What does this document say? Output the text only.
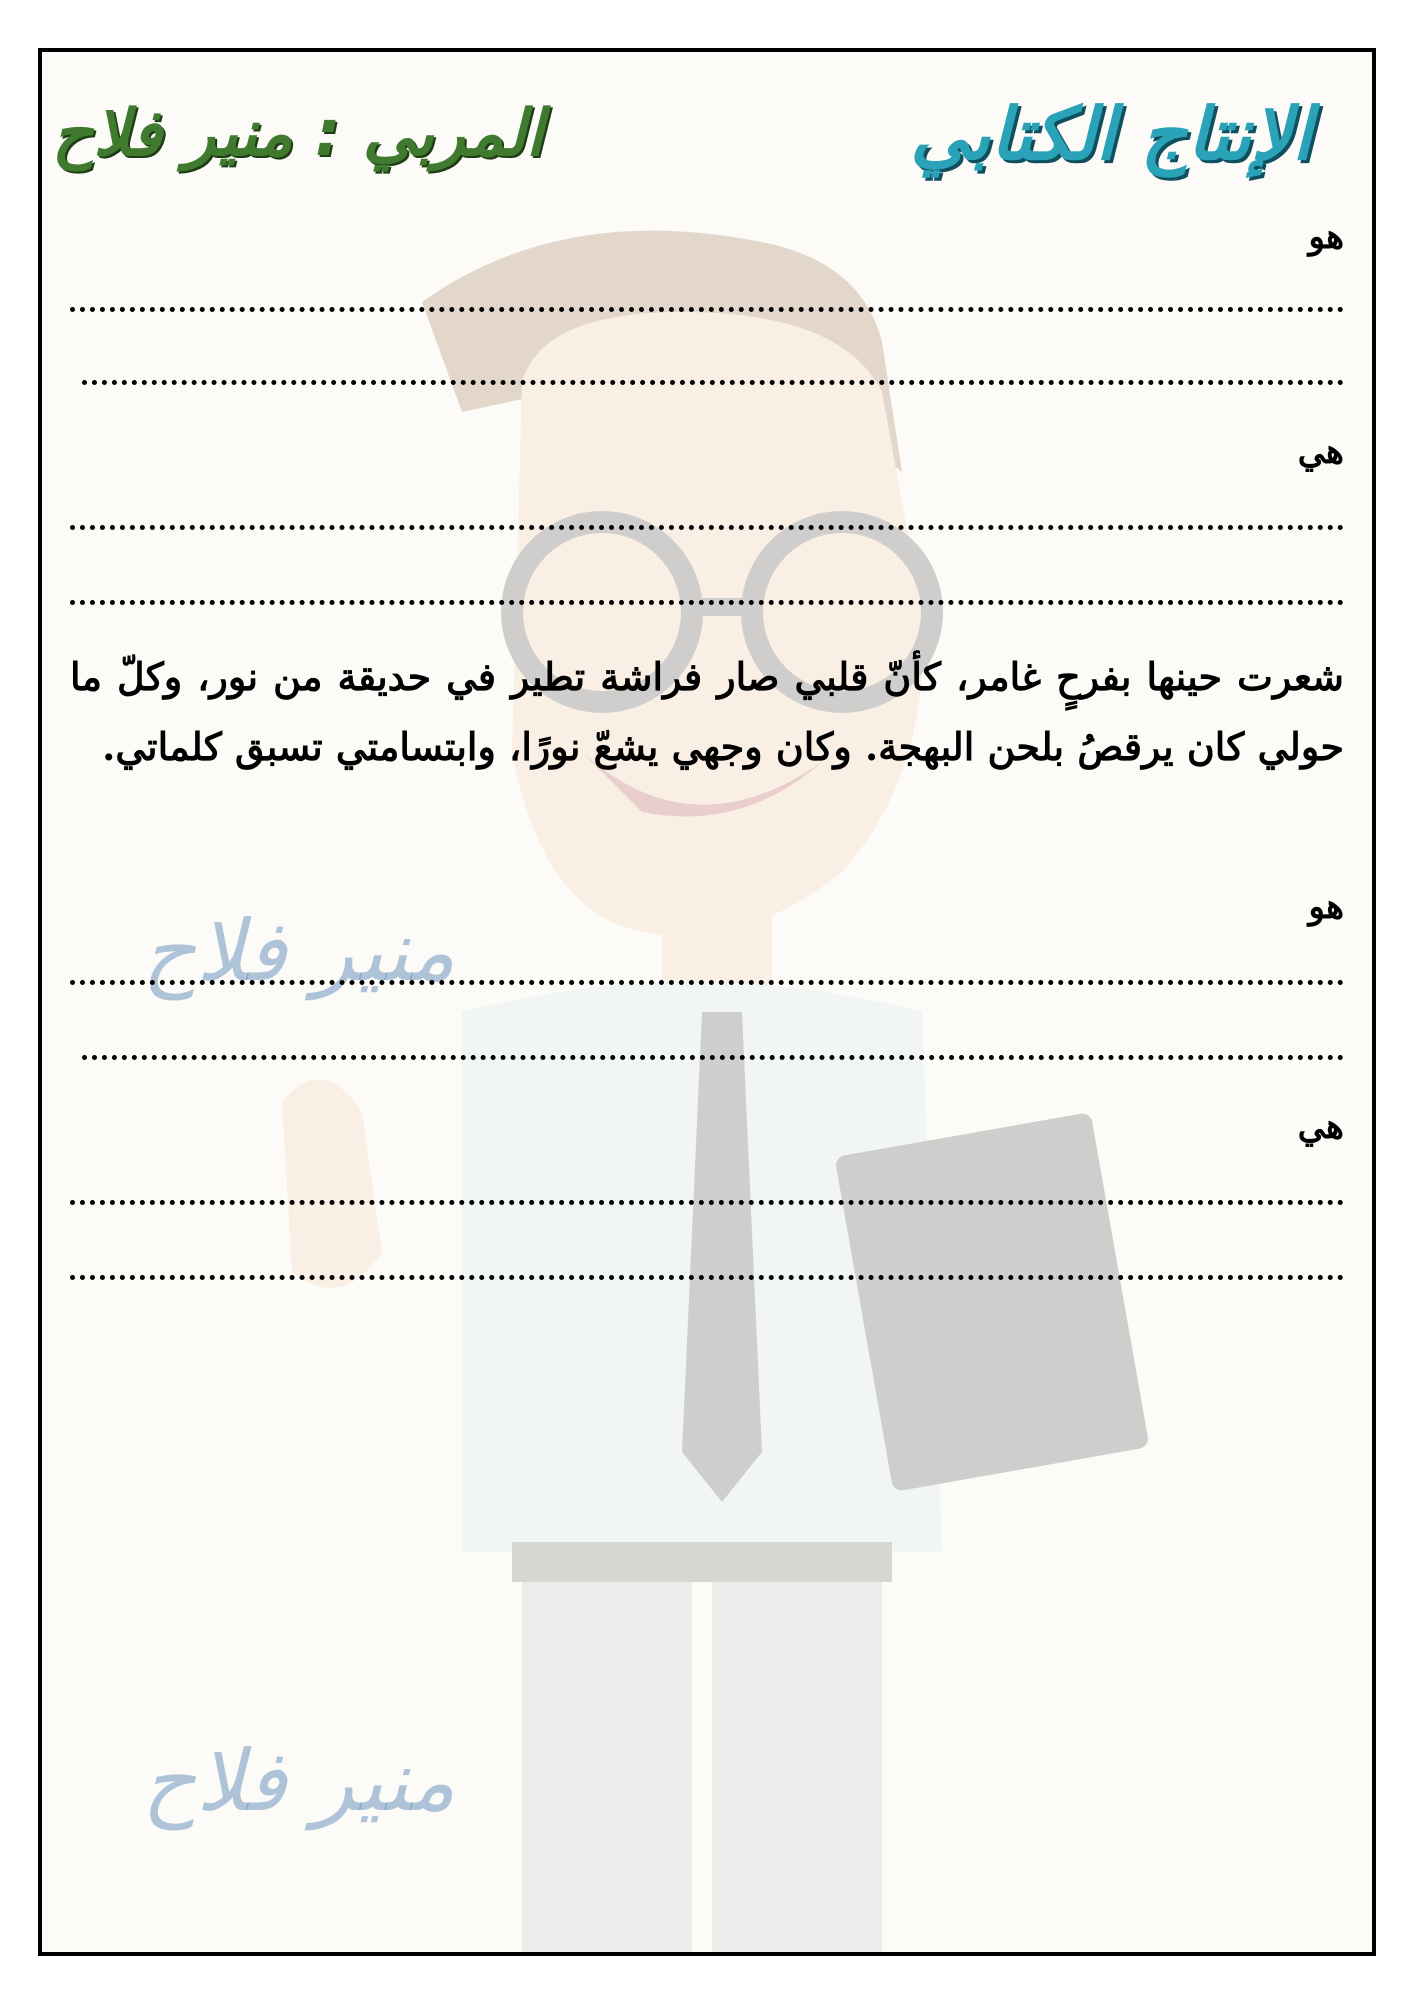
منير فلاح
منير فلاح
الإنتاج الكتابي
المربي : منير فلاح
هو
هي
شعرت حينها بفرحٍ غامر، كأنّ قلبي صار فراشة تطير في حديقة من نور، وكلّ ما حولي كان يرقصُ بلحن البهجة. وكان وجهي يشعّ نورًا، وابتسامتي تسبق كلماتي.
هو
هي
